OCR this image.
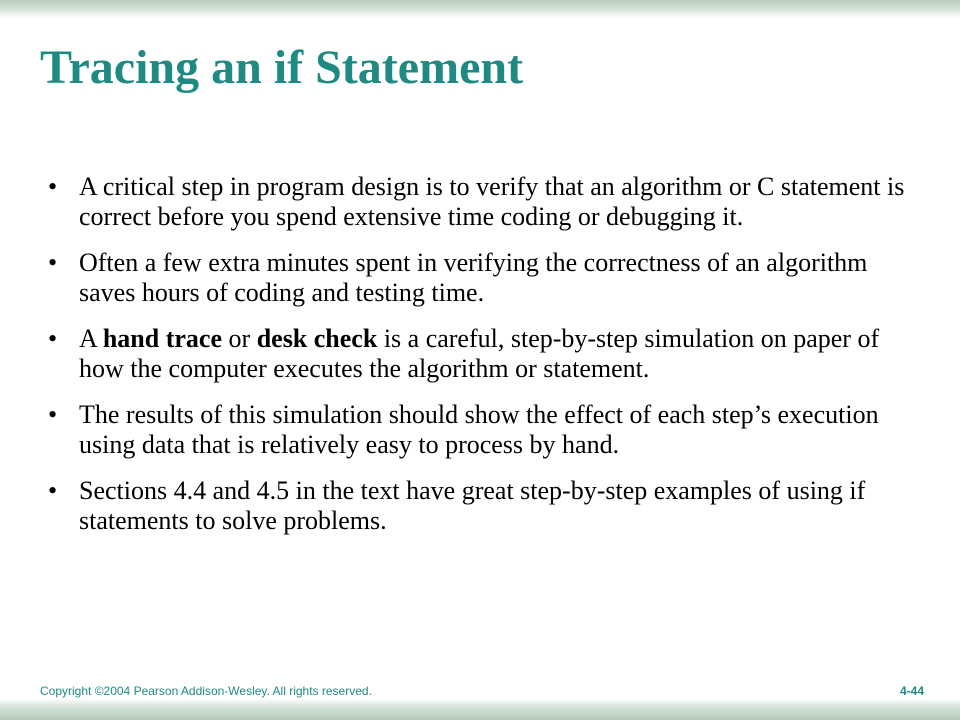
Tracing an if Statement
• A critical step in program design is to verify that an algorithm or C statement is correct before you spend extensive time coding or debugging it.
• Often a few extra minutes spent in verifying the correctness of an algorithm saves hours of coding and testing time.
• A hand trace or desk check is a careful, step-by-step simulation on paper of how the computer executes the algorithm or statement.
• The results of this simulation should show the effect of each step’s execution using data that is relatively easy to process by hand.
• Sections 4.4 and 4.5 in the text have great step-by-step examples of using if statements to solve problems.
Copyright ©2004 Pearson Addison-Wesley. All rights reserved.	4-44
